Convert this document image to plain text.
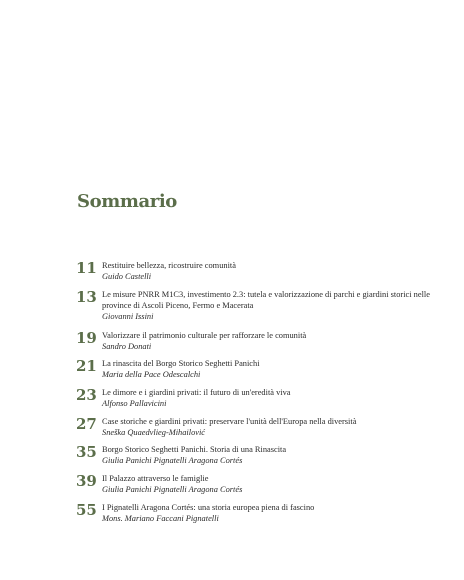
Sommario
11 Restituire bellezza, ricostruire comunità
Guido Castelli
13 Le misure PNRR M1C3, investimento 2.3: tutela e valorizzazione di parchi e giardini storici nelle province di Ascoli Piceno, Fermo e Macerata
Giovanni Issini
19 Valorizzare il patrimonio culturale per rafforzare le comunità
Sandro Donati
21 La rinascita del Borgo Storico Seghetti Panichi
Maria della Pace Odescalchi
23 Le dimore e i giardini privati: il futuro di un'eredità viva
Alfonso Pallavicini
27 Case storiche e giardini privati: preservare l'unità dell'Europa nella diversità
Sneška Quaedvlieg-Mihailović
35 Borgo Storico Seghetti Panichi. Storia di una Rinascita
Giulia Panichi Pignatelli Aragona Cortés
39 Il Palazzo attraverso le famiglie
Giulia Panichi Pignatelli Aragona Cortés
55 I Pignatelli Aragona Cortés: una storia europea piena di fascino
Mons. Mariano Faccani Pignatelli
